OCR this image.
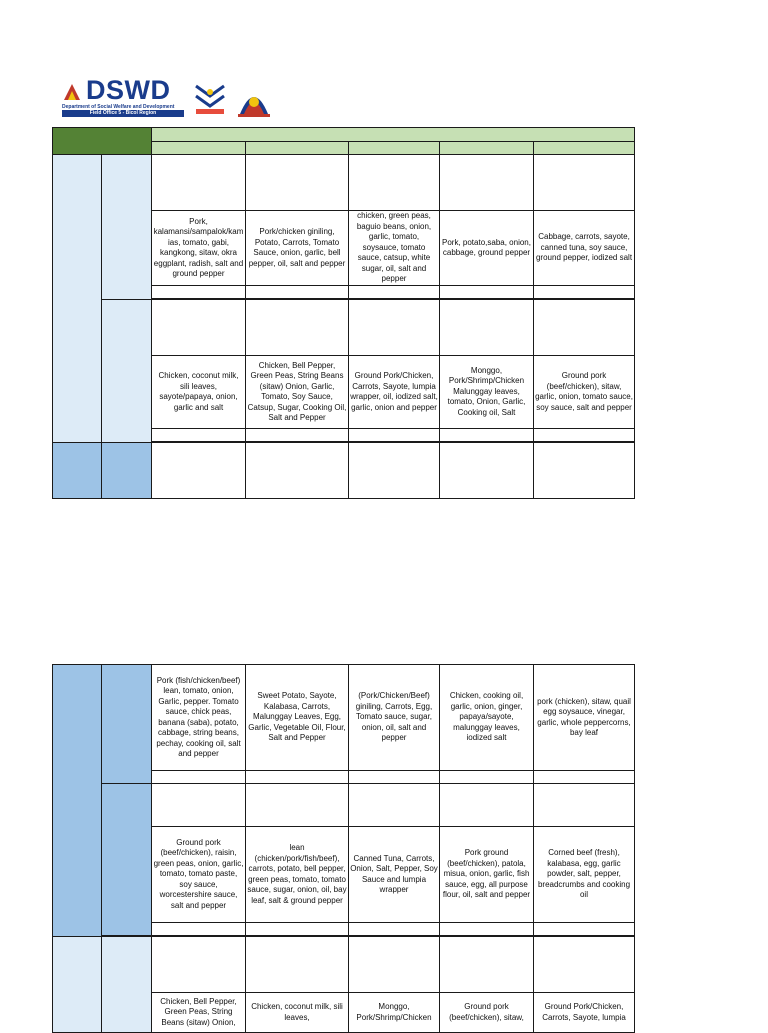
DSWD
Department of Social Welfare and Development
Field Office 5 - Bicol Region

		Pork, kalamansi/sampalok/kamias, tomato, gabi, kangkong, sitaw, okra eggplant, radish, salt and ground pepper	Pork/chicken giniling, Potato, Carrots, Tomato Sauce, onion, garlic, bell pepper, oil, salt and pepper	chicken, green peas, baguio beans, onion, garlic, tomato, soysauce, tomato sauce, catsup, white sugar, oil, salt and pepper	Pork, potato,saba, onion, cabbage, ground pepper	Cabbage, carrots, sayote, canned tuna, soy sauce, ground pepper, iodized salt

		Chicken, coconut milk, sili leaves, sayote/papaya, onion, garlic and salt	Chicken, Bell Pepper, Green Peas, String Beans (sitaw) Onion, Garlic, Tomato, Soy Sauce, Catsup, Sugar, Cooking Oil, Salt and Pepper	Ground Pork/Chicken, Carrots, Sayote, lumpia wrapper, oil, iodized salt, garlic, onion and pepper	Monggo, Pork/Shrimp/Chicken Malunggay leaves, tomato, Onion, Garlic, Cooking oil, Salt	Ground pork (beef/chicken), sitaw, garlic, onion, tomato sauce, soy sauce, salt and pepper

		Pork (fish/chicken/beef) lean, tomato, onion, Garlic, pepper. Tomato sauce, chick peas, banana (saba), potato, cabbage, string beans, pechay, cooking oil, salt and pepper	Sweet Potato, Sayote, Kalabasa, Carrots, Malunggay Leaves, Egg, Garlic, Vegetable Oil, Flour, Salt and Pepper	(Pork/Chicken/Beef) giniling, Carrots, Egg, Tomato sauce, sugar, onion, oil, salt and pepper	Chicken, cooking oil, garlic, onion, ginger, papaya/sayote, malunggay leaves, iodized salt	pork (chicken), sitaw, quail egg soysauce, vinegar, garlic, whole peppercorns, bay leaf

		Ground pork (beef/chicken), raisin, green peas, onion, garlic, tomato, tomato paste, soy sauce, worcestershire sauce, salt and pepper	lean (chicken/pork/fish/beef), carrots, potato, bell pepper, green peas, tomato, tomato sauce, sugar, onion, oil, bay leaf, salt & ground pepper	Canned Tuna, Carrots, Onion, Salt, Pepper, Soy Sauce and lumpia wrapper	Pork ground (beef/chicken), patola, misua, onion, garlic, fish sauce, egg, all purpose flour, oil, salt and pepper	Corned beef (fresh), kalabasa, egg, garlic powder, salt, pepper, breadcrumbs and cooking oil

		Chicken, Bell Pepper, Green Peas, String Beans (sitaw) Onion,	Chicken, coconut milk, sili leaves,	Monggo, Pork/Shrimp/Chicken	Ground pork (beef/chicken), sitaw,	Ground Pork/Chicken, Carrots, Sayote, lumpia
